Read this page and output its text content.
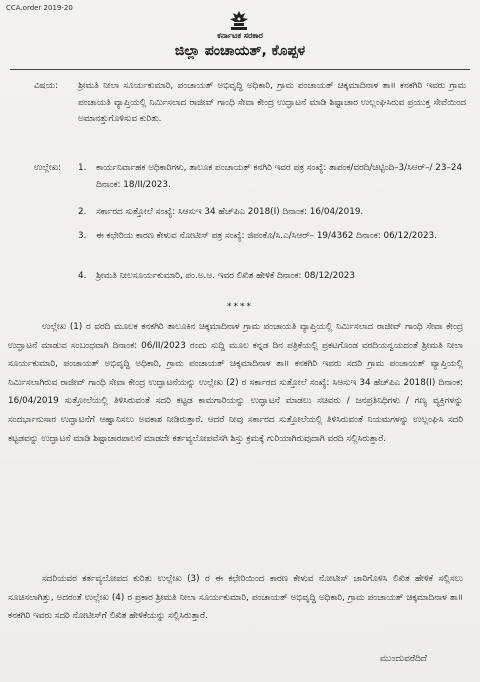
CCA.order 2019-20
ಕರ್ನಾಟಕ ಸರಕಾರ
ಜಿಲ್ಲಾ ಪಂಚಾಯತ್, ಕೊಪ್ಪಳ
ವಿಷಯ:	ಶ್ರೀಮತಿ ನೀಲಾ ಸೂರ್ಯಕುಮಾರಿ, ಪಂಚಾಯತ್ ಅಭಿವೃದ್ಧಿ ಅಧಿಕಾರಿ, ಗ್ರಾಮ ಪಂಚಾಯತ್ ಚಿಕ್ಕಮಾದಿನಾಳ ತಾ॥ ಕನಕಗಿರಿ ಇವರು ಗ್ರಾಮ ಪಂಚಾಯತಿ ವ್ಯಾಪ್ತಿಯಲ್ಲಿ ನಿರ್ಮಿಸಲಾದ ರಾಜೀವ್ ಗಾಂಧಿ ಸೇವಾ ಕೇಂದ್ರ ಉದ್ಘಾಟನೆ ಮಾಡಿ ಶಿಷ್ಟಾಚಾರ ಉಲ್ಲಂಘಿಸಿರುವ ಪ್ರಯುಕ್ತ ಸೇವೆಯಿಂದ ಅಮಾನತ್ತುಗೊಳಿಸುವ ಕುರಿತು.
ಉಲ್ಲೇಖ:	1.	ಕಾರ್ಯನಿರ್ವಾಹಕ ಅಧಿಕಾರಿಗಳು, ತಾಲೂಕ ಪಂಚಾಯತ್ ಕನಗಿರಿ ಇವರ ಪತ್ರ ಸಂಖ್ಯೆ: ತಾಪಂಕ/ವರದಿ/ಚಿಟ್ಟಿಂದಿ–3/ಸಿಆರ್–/ 23–24 ದಿನಾಂಕ: 18/II/2023.
2.	ಸರ್ಕಾರದ ಸುತ್ತೋಲೆ ಸಂಖ್ಯೆ: ಸಿಆಸುಇ 34 ಹೆಚ್‌ಪಿಎ 2018(I) ದಿನಾಂಕ: 16/04/2019.
3.	ಈ ಕಛೇರಿಯ ಕಾರಣ ಕೇಳುವ ನೋಟೀಸ್ ಪತ್ರ ಸಂಖ್ಯೆ: ಜಿಪಂಕೊ/ಸಿ.ಎ/ಸಿಆರ್– 19/4362 ದಿನಾಂಕ: 06/12/2023.
4.	ಶ್ರೀಮತಿ ನೀಲಸೂರ್ಯಕುಮಾರಿ, ಪಂ.ಅ.ಅ. ಇವರ ಲಿಖಿತ ಹೇಳಿಕೆ ದಿನಾಂಕ: 08/12/2023
****
ಉಲ್ಲೇಖ (1) ರ ವರದಿ ಮೂಲಕ ಕನಕಗಿರಿ ತಾಲೂಕಿನ ಚಿಕ್ಕಮಾದಿನಾಳ ಗ್ರಾಮ ಪಂಚಾಯತಿ ವ್ಯಾಪ್ತಿಯಲ್ಲಿ ನಿರ್ಮಿಸಲಾದ ರಾಜೀವ್ ಗಾಂಧಿ ಸೇವಾ ಕೇಂದ್ರ ಉದ್ಘಾಟನೆ ಮಾಡುವ ಸಂಬಂಧವಾಗಿ ದಿನಾಂಕ: 06/II/2023 ರಂದು ಸುದ್ದಿ ಮೂಲ ಕನ್ನಡ ದಿನ ಪತ್ರಿಕೆಯಲ್ಲಿ ಪ್ರಕಟಗೊಂಡ ವರದಿಯನ್ವಯದಂತೆ ಶ್ರೀಮತಿ ನೀಲಾ ಸೂರ್ಯಕುಮಾರಿ, ಪಂಚಾಯತ್ ಅಭಿವೃದ್ಧಿ ಅಧಿಕಾರಿ, ಗ್ರಾಮ ಪಂಚಾಯತ್ ಚಿಕ್ಕಮಾದಿನಾಳ ತಾ॥ ಕನಕಗಿರಿ ಇವರು ಸದರಿ ಗ್ರಾಮ ಪಂಚಾಯತ್ ವ್ಯಾಪ್ತಿಯಲ್ಲಿ ನಿರ್ಮಿಸಲಾಗಿರುವ ರಾಜೀವ್ ಗಾಂಧಿ ಸೇವಾ ಕೇಂದ್ರ ಉದ್ಘಾಟನೆಯನ್ನು ಉಲ್ಲೇಖ (2) ರ ಸರ್ಕಾರದ ಸುತ್ತೋಲೆ ಸಂಖ್ಯೆ: ಸಿಆಸುಇ 34 ಹೆಚ್‌ಪಿಎ 2018(I) ದಿನಾಂಕ: 16/04/2019 ಸುತ್ತೋಲೆಯಲ್ಲಿ ತಿಳಿಸಿರುವಂತೆ ಸದರಿ ಕಟ್ಟಡ ಕಾಮಗಾರಿಯನ್ನು ಉದ್ಘಾಟನೆ ಮಾಡಲು ಸಚಿವರು / ಜನಪ್ರತಿನಿಧಿಗಳು / ಗಣ್ಯ ವ್ಯಕ್ತಿಗಳನ್ನು ಸಂದರ್ಭಾನುಸಾರ ಉದ್ಘಾಟನೆಗೆ ಆಹ್ವಾನಿಸಲು ಅವಕಾಶ ನೀಡಿರುತ್ತಾರೆ. ಆದರೆ ನೀವು ಸರ್ಕಾರದ ಸುತ್ತೋಲೆಯಲ್ಲಿ ತಿಳಿಸಿರುವಂತೆ ನಿಯಮಗಳನ್ನು ಉಲ್ಲಂಘಿಸಿ ಸದರಿ ಕಟ್ಟಡವನ್ನು ಉದ್ಘಾಟನೆ ಮಾಡಿ ಶಿಷ್ಟಾಚಾರಪಾಲನೆ ಮಾಡದೇ ಕರ್ತವ್ಯಲೋಪವೆಸಗಿ ಶಿಸ್ತು ಕ್ರಮಕ್ಕೆ ಗುರಿಯಾಗಿರುವುದಾಗಿ ವರದಿ ಸಲ್ಲಿಸಿರುತ್ತಾರೆ.
ಸದರಿಯವರ ಕರ್ತವ್ಯಲೋಪದ ಕುರಿತು ಉಲ್ಲೇಖ (3) ರ ಈ ಕಛೇರಿಯಿಂದ ಕಾರಣ ಕೇಳುವ ನೋಟೀಸ್ ಜಾರಿಗೊಳಿಸಿ ಲಿಖಿತ ಹೇಳಿಕೆ ಸಲ್ಲಿಸಲು ಸೂಚಿಸಲಾಗಿತ್ತು, ಅದರಂತೆ ಉಲ್ಲೇಖ (4) ರ ಪ್ರಕಾರ ಶ್ರೀಮತಿ ನೀಲಾ ಸೂರ್ಯಕುಮಾರಿ, ಪಂಚಾಯತ್ ಅಭಿವೃದ್ಧಿ ಅಧಿಕಾರಿ, ಗ್ರಾಮ ಪಂಚಾಯತ್ ಚಿಕ್ಕಮಾದಿನಾಳ ತಾ॥ ಕನಕಗಿರಿ ಇವರು ಸದರಿ ನೋಟೀಸ್‌ಗೆ ಲಿಖಿತ ಹೇಳಿಕೆಯನ್ನು ಸಲ್ಲಿಸಿರುತ್ತಾರೆ.
ಮುಂದುವರೆದಿದೆ
